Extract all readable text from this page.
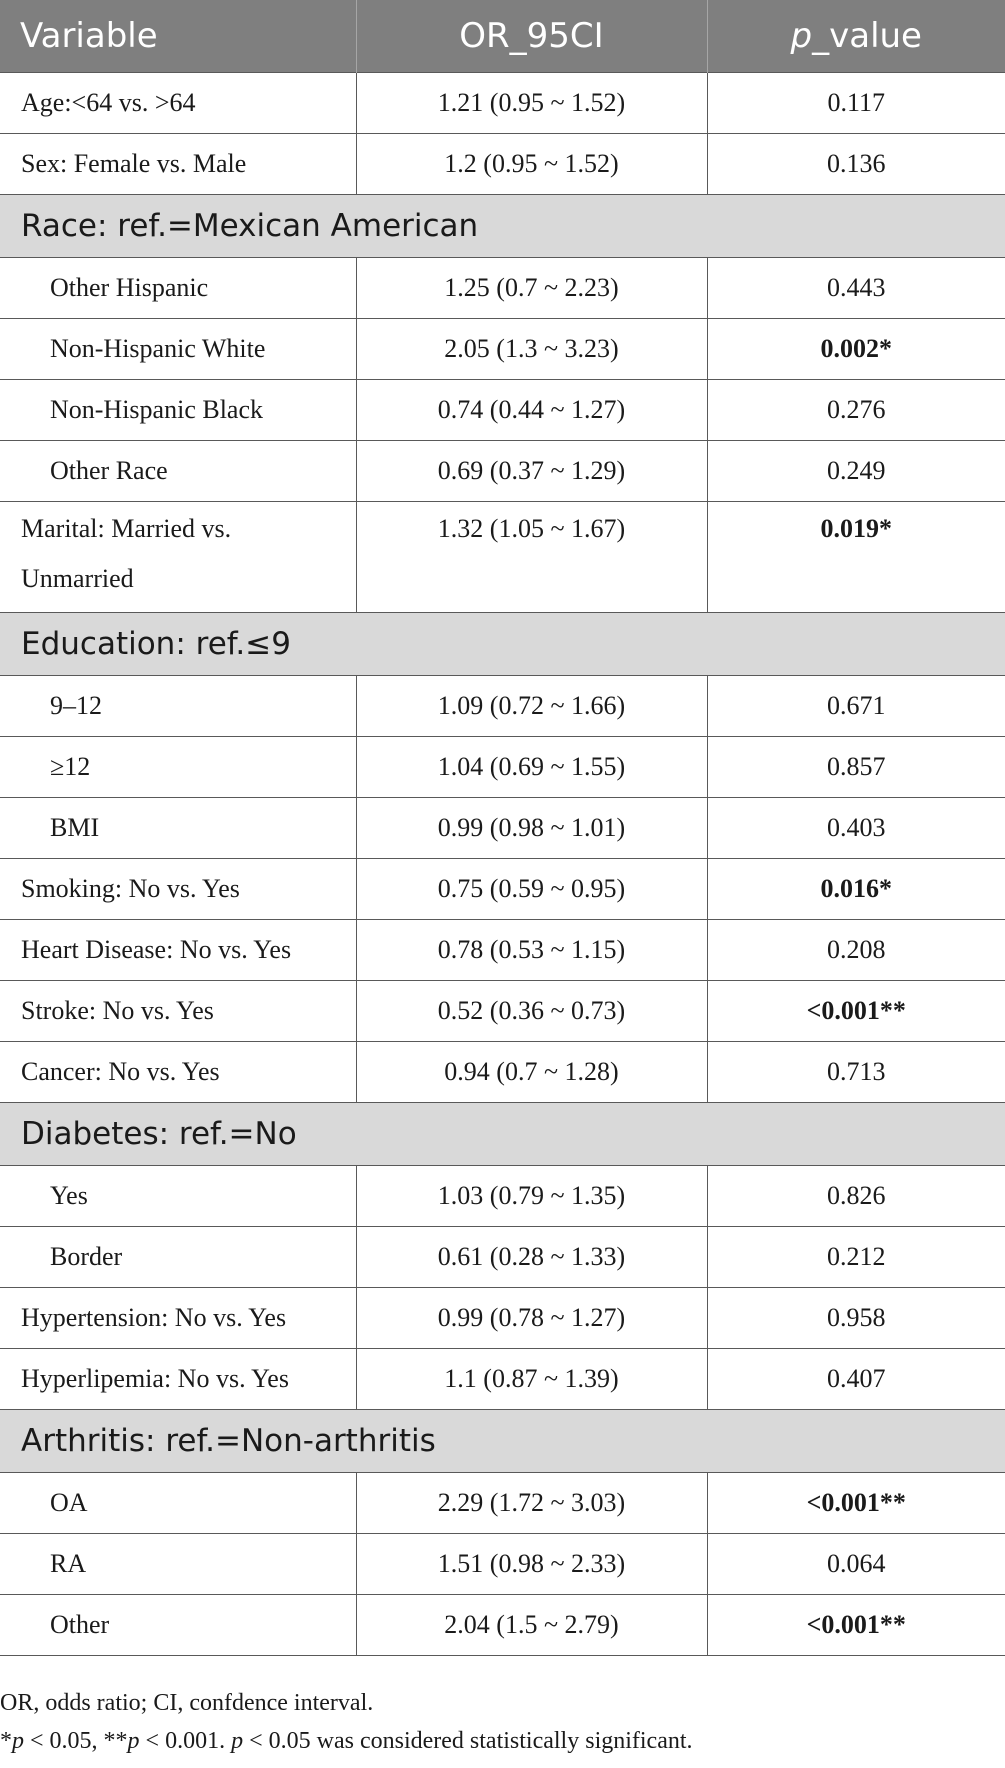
Variable	OR_95CI	p_value
Age:<64 vs. >64	1.21 (0.95 ~ 1.52)	0.117
Sex: Female vs. Male	1.2 (0.95 ~ 1.52)	0.136
Race: ref.=Mexican American		
Other Hispanic	1.25 (0.7 ~ 2.23)	0.443
Non-Hispanic White	2.05 (1.3 ~ 3.23)	0.002*
Non-Hispanic Black	0.74 (0.44 ~ 1.27)	0.276
Other Race	0.69 (0.37 ~ 1.29)	0.249

Marital: Married vs.
Unmarried	1.32 (1.05 ~ 1.67)	0.019*
Education: ref.≤9		
9–12	1.09 (0.72 ~ 1.66)	0.671
≥12	1.04 (0.69 ~ 1.55)	0.857
BMI	0.99 (0.98 ~ 1.01)	0.403
Smoking: No vs. Yes	0.75 (0.59 ~ 0.95)	0.016*
Heart Disease: No vs. Yes	0.78 (0.53 ~ 1.15)	0.208
Stroke: No vs. Yes	0.52 (0.36 ~ 0.73)	<0.001**
Cancer: No vs. Yes	0.94 (0.7 ~ 1.28)	0.713
Diabetes: ref.=No		
Yes	1.03 (0.79 ~ 1.35)	0.826
Border	0.61 (0.28 ~ 1.33)	0.212
Hypertension: No vs. Yes	0.99 (0.78 ~ 1.27)	0.958
Hyperlipemia: No vs. Yes	1.1 (0.87 ~ 1.39)	0.407
Arthritis: ref.=Non-arthritis		
OA	2.29 (1.72 ~ 3.03)	<0.001**
RA	1.51 (0.98 ~ 2.33)	0.064
Other	2.04 (1.5 ~ 2.79)	<0.001**
OR, odds ratio; CI, confdence interval.
*p < 0.05, **p < 0.001. p < 0.05 was considered statistically significant.
